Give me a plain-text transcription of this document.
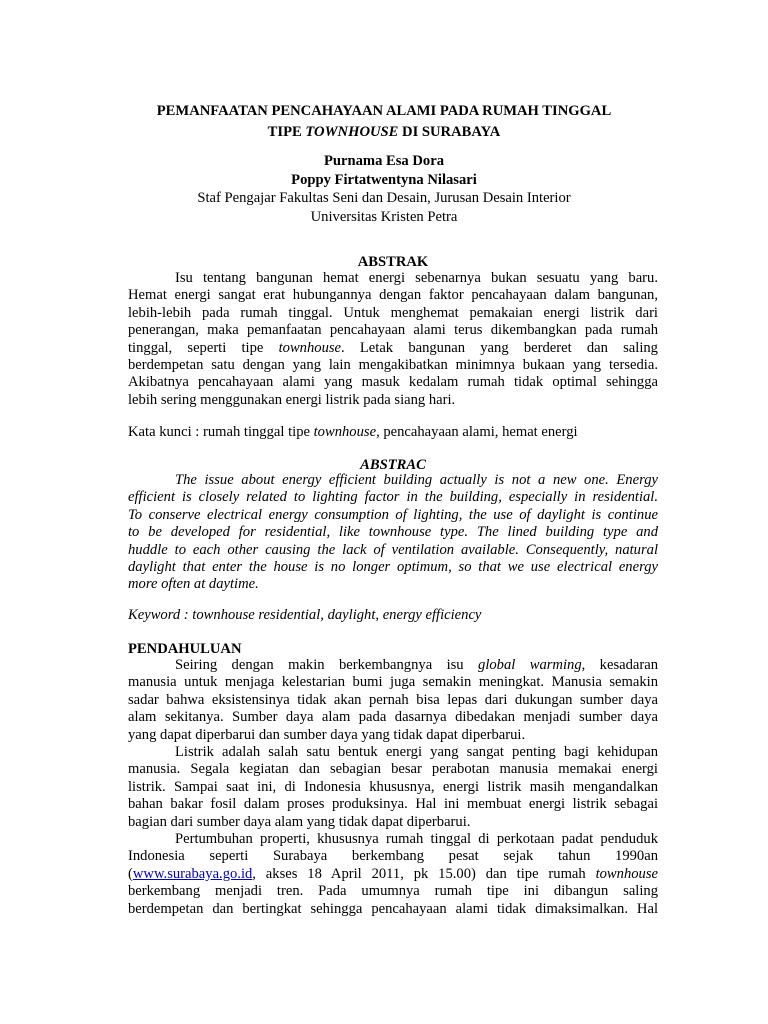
PEMANFAATAN PENCAHAYAAN ALAMI PADA RUMAH TINGGAL
TIPE TOWNHOUSE DI SURABAYA
Purnama Esa Dora
Poppy Firtatwentyna Nilasari
Staf Pengajar Fakultas Seni dan Desain, Jurusan Desain Interior
Universitas Kristen Petra
ABSTRAK
Isu tentang bangunan hemat energi sebenarnya bukan sesuatu yang baru.
Hemat energi sangat erat hubungannya dengan faktor pencahayaan dalam bangunan,
lebih-lebih pada rumah tinggal. Untuk menghemat pemakaian energi listrik dari
penerangan, maka pemanfaatan pencahayaan alami terus dikembangkan pada rumah
tinggal, seperti tipe townhouse. Letak bangunan yang berderet dan saling
berdempetan satu dengan yang lain mengakibatkan minimnya bukaan yang tersedia.
Akibatnya pencahayaan alami yang masuk kedalam rumah tidak optimal sehingga
lebih sering menggunakan energi listrik pada siang hari.
Kata kunci : rumah tinggal tipe townhouse, pencahayaan alami, hemat energi
ABSTRAC
The issue about energy efficient building actually is not a new one. Energy
efficient is closely related to lighting factor in the building, especially in residential.
To conserve electrical energy consumption of lighting, the use of daylight is continue
to be developed for residential, like townhouse type. The lined building type and
huddle to each other causing the lack of ventilation available. Consequently, natural
daylight that enter the house is no longer optimum, so that we use electrical energy
more often at daytime.
Keyword : townhouse residential, daylight, energy efficiency
PENDAHULUAN
Seiring dengan makin berkembangnya isu global warming, kesadaran
manusia untuk menjaga kelestarian bumi juga semakin meningkat. Manusia semakin
sadar bahwa eksistensinya tidak akan pernah bisa lepas dari dukungan sumber daya
alam sekitanya. Sumber daya alam pada dasarnya dibedakan menjadi sumber daya
yang dapat diperbarui dan sumber daya yang tidak dapat diperbarui.
Listrik adalah salah satu bentuk energi yang sangat penting bagi kehidupan
manusia. Segala kegiatan dan sebagian besar perabotan manusia memakai energi
listrik. Sampai saat ini, di Indonesia khususnya, energi listrik masih mengandalkan
bahan bakar fosil dalam proses produksinya. Hal ini membuat energi listrik sebagai
bagian dari sumber daya alam yang tidak dapat diperbarui.
Pertumbuhan properti, khususnya rumah tinggal di perkotaan padat penduduk
Indonesia seperti Surabaya berkembang pesat sejak tahun 1990an
(www.surabaya.go.id, akses 18 April 2011, pk 15.00) dan tipe rumah townhouse
berkembang menjadi tren. Pada umumnya rumah tipe ini dibangun saling
berdempetan dan bertingkat sehingga pencahayaan alami tidak dimaksimalkan. Hal
